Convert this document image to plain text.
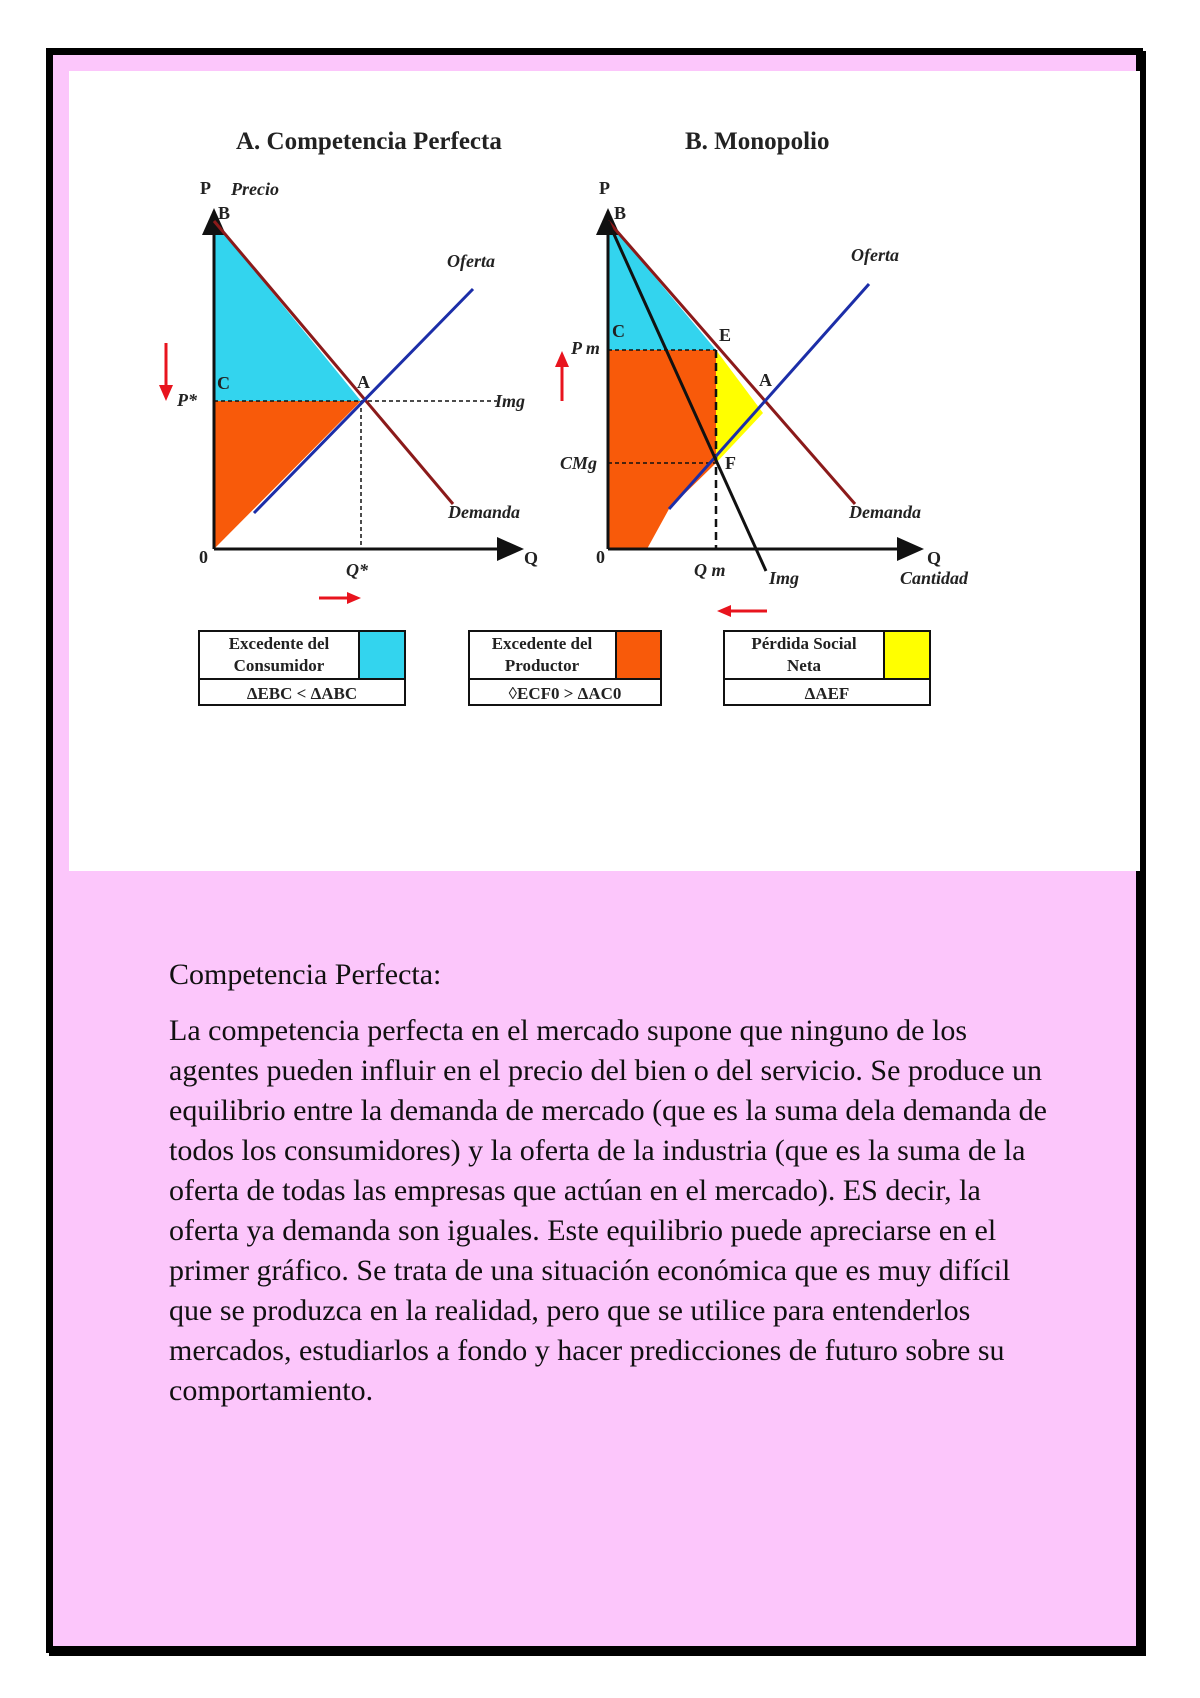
A. Competencia Perfecta
P Precio
B
C	A
P*	Img
Oferta
Demanda
0	Q
Q*
B. Monopolio
P
B
C	E
A
F
P m
CMg
Oferta
Demanda
Img
Q m
0	Q
Cantidad
Excedente del
Consumidor
ΔEBC < ΔABC
Excedente del
Productor
◊ECF0 > ΔAC0
Pérdida Social
Neta
ΔAEF
Competencia Perfecta:

La competencia perfecta en el mercado supone que ninguno de los agentes pueden influir en el precio del bien o del servicio. Se produce un equilibrio entre la demanda de mercado (que es la suma dela demanda de todos los consumidores) y la oferta de la industria (que es la suma de la oferta de todas las empresas que actúan en el mercado). ES decir, la oferta ya demanda son iguales. Este equilibrio puede apreciarse en el primer gráfico. Se trata de una situación económica que es muy difícil que se produzca en la realidad, pero que se utilice para entenderlos mercados, estudiarlos a fondo y hacer predicciones de futuro sobre su comportamiento.
